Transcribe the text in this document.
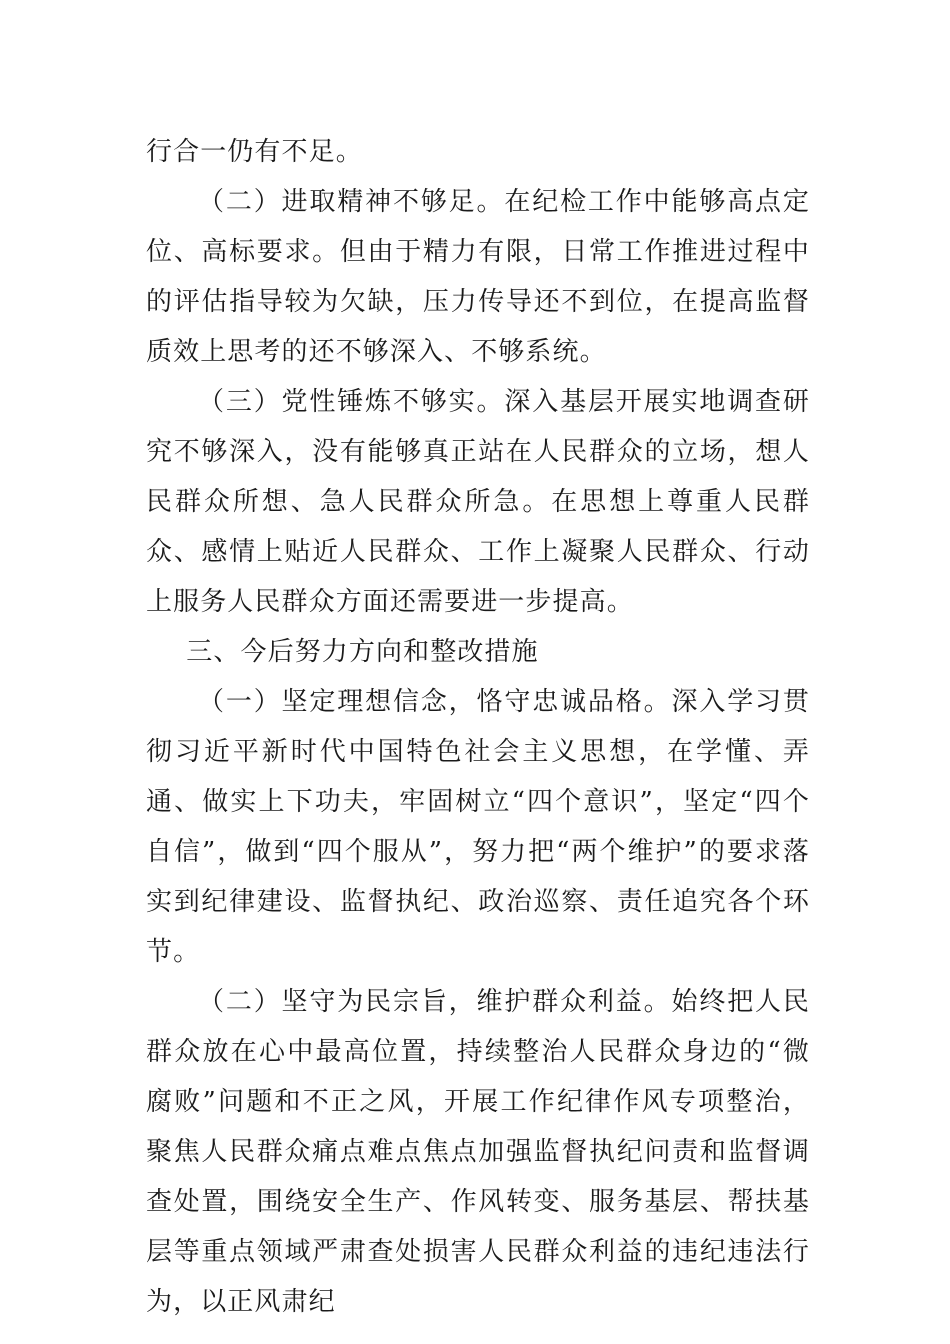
行合一仍有不足。

（二）进取精神不够足。在纪检工作中能够高点定位、高标要求。但由于精力有限，日常工作推进过程中的评估指导较为欠缺，压力传导还不到位，在提高监督质效上思考的还不够深入、不够系统。

（三）党性锤炼不够实。深入基层开展实地调查研究不够深入，没有能够真正站在人民群众的立场，想人民群众所想、急人民群众所急。在思想上尊重人民群众、感情上贴近人民群众、工作上凝聚人民群众、行动上服务人民群众方面还需要进一步提高。

三、今后努力方向和整改措施

（一）坚定理想信念，恪守忠诚品格。深入学习贯彻习近平新时代中国特色社会主义思想，在学懂、弄通、做实上下功夫，牢固树立“四个意识”，坚定“四个自信”，做到“四个服从”，努力把“两个维护”的要求落实到纪律建设、监督执纪、政治巡察、责任追究各个环节。

（二）坚守为民宗旨，维护群众利益。始终把人民群众放在心中最高位置，持续整治人民群众身边的“微腐败”问题和不正之风，开展工作纪律作风专项整治，聚焦人民群众痛点难点焦点加强监督执纪问责和监督调查处置，围绕安全生产、作风转变、服务基层、帮扶基层等重点领域严肃查处损害人民群众利益的违纪违法行为，以正风肃纪
